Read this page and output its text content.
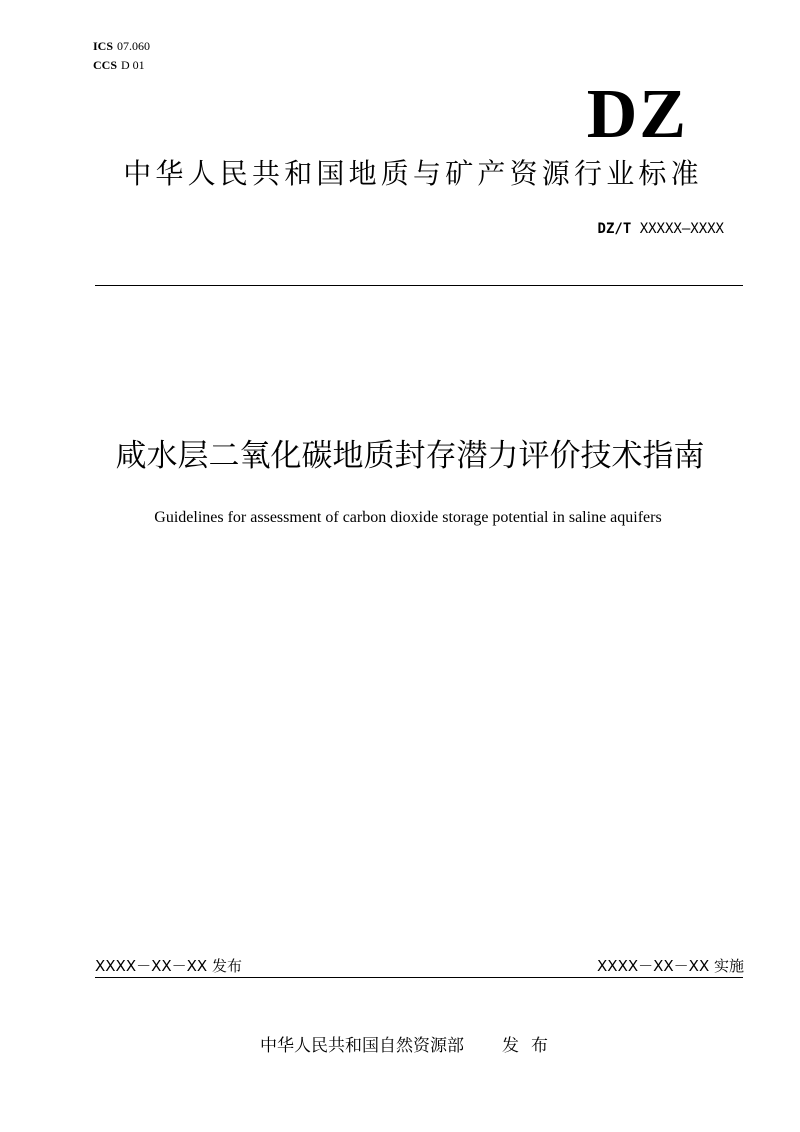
ICS 07.060
CCS D 01
DZ
中华人民共和国地质与矿产资源行业标准
DZ/T XXXXX—XXXX
咸水层二氧化碳地质封存潜力评价技术指南
Guidelines for assessment of carbon dioxide storage potential in saline aquifers
XXXX－XX－XX 发布	XXXX－XX－XX 实施
中华人民共和国自然资源部 发布
